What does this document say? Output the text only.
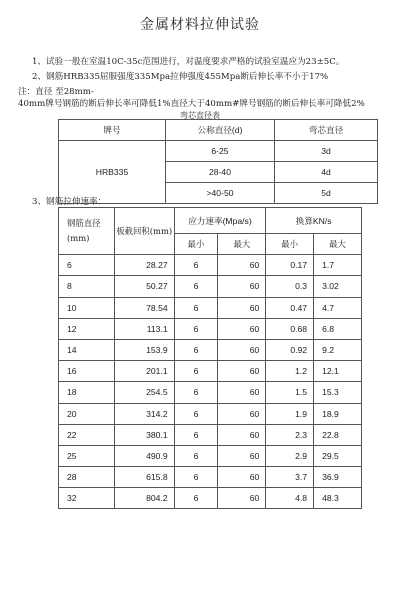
金属材料拉伸试验
1、试验一般在室温10C-35c范围进行，对温度要求严格的试验室温应为23±5C。
2、钢筋HRB335屈服强度335Mpa拉伸强度455Mpa断后伸长率不小于17%
注：直径 至28mm-
40mm牌号钢筋的断后伸长率可降低1%直径大于40mm#牌号钢筋的断后伸长率可降低2%
弯芯直径表
牌号	公称直径(d)	弯芯直径
HRB335	6-25	3d
	28-40	4d
	>40-50	5d
3、钢筋拉伸速率：
钢筋直径(mm)	板截回积(mm)	应力速率(Mpa/s)		换算KN/s	
		最小	最大	最小	最大
6	28.27	6	60	0.17	1.7
8	50.27	6	60	0.3	3.02
10	78.54	6	60	0.47	4.7
12	113.1	6	60	0.68	6.8
14	153.9	6	60	0.92	9.2
16	201.1	6	60	1.2	12.1
18	254.5	6	60	1.5	15.3
20	314.2	6	60	1.9	18.9
22	380.1	6	60	2.3	22.8
25	490.9	6	60	2.9	29.5
28	615.8	6	60	3.7	36.9
32	804.2	6	60	4.8	48.3
